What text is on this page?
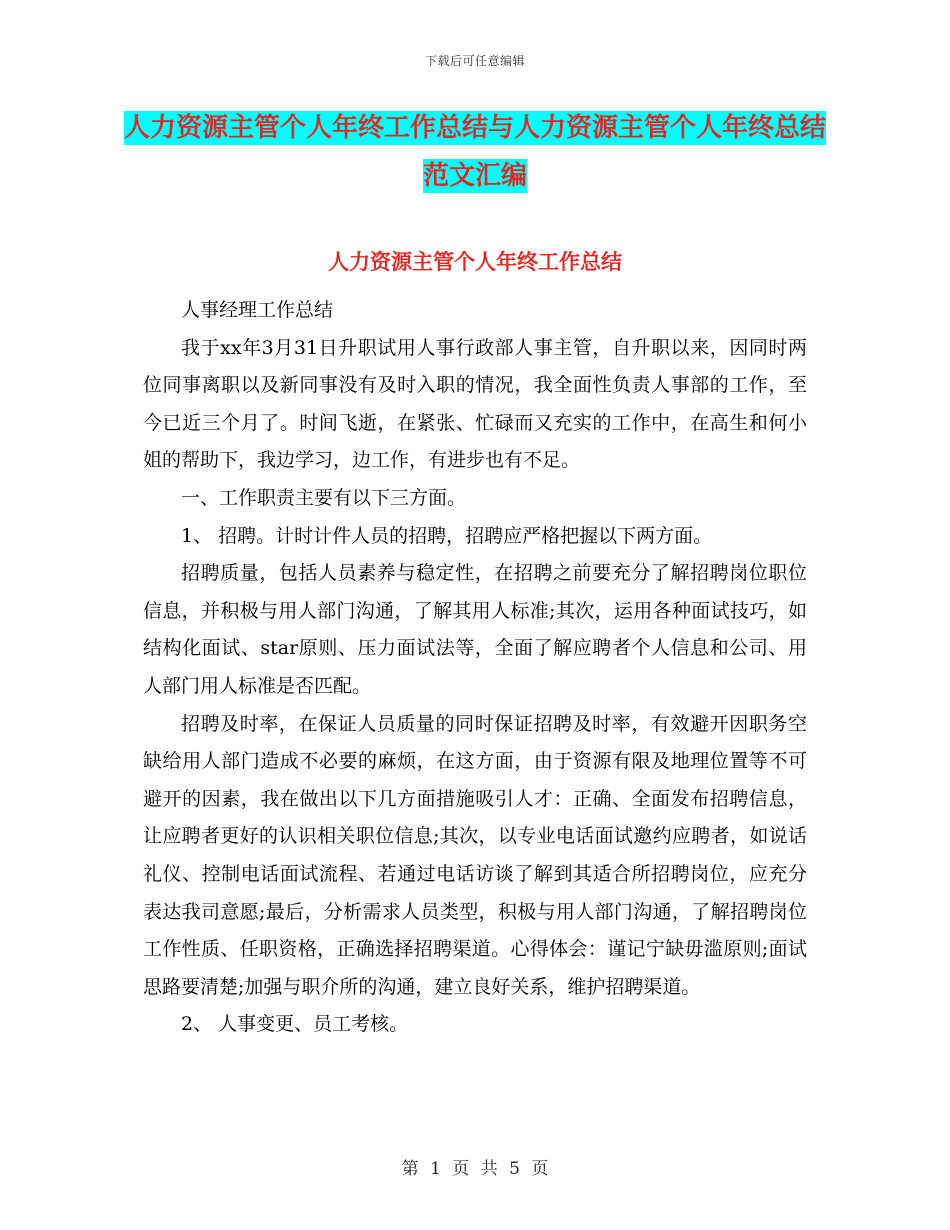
下载后可任意编辑
人力资源主管个人年终工作总结与人力资源主管个人年终总结范文汇编
人力资源主管个人年终工作总结

人事经理工作总结

我于xx年3月31日升职试用人事行政部人事主管，自升职以来，因同时两位同事离职以及新同事没有及时入职的情况，我全面性负责人事部的工作，至今已近三个月了。时间飞逝，在紧张、忙碌而又充实的工作中，在高生和何小姐的帮助下，我边学习，边工作，有进步也有不足。

一、工作职责主要有以下三方面。

1、 招聘。计时计件人员的招聘，招聘应严格把握以下两方面。

招聘质量，包括人员素养与稳定性，在招聘之前要充分了解招聘岗位职位信息，并积极与用人部门沟通，了解其用人标准;其次，运用各种面试技巧，如结构化面试、star原则、压力面试法等，全面了解应聘者个人信息和公司、用人部门用人标准是否匹配。

招聘及时率，在保证人员质量的同时保证招聘及时率，有效避开因职务空缺给用人部门造成不必要的麻烦，在这方面，由于资源有限及地理位置等不可避开的因素，我在做出以下几方面措施吸引人才：正确、全面发布招聘信息，让应聘者更好的认识相关职位信息;其次，以专业电话面试邀约应聘者，如说话礼仪、控制电话面试流程、若通过电话访谈了解到其适合所招聘岗位，应充分表达我司意愿;最后，分析需求人员类型，积极与用人部门沟通，了解招聘岗位工作性质、任职资格，正确选择招聘渠道。心得体会：谨记宁缺毋滥原则;面试思路要清楚;加强与职介所的沟通，建立良好关系，维护招聘渠道。

2、 人事变更、员工考核。

第 1 页 共 5 页
